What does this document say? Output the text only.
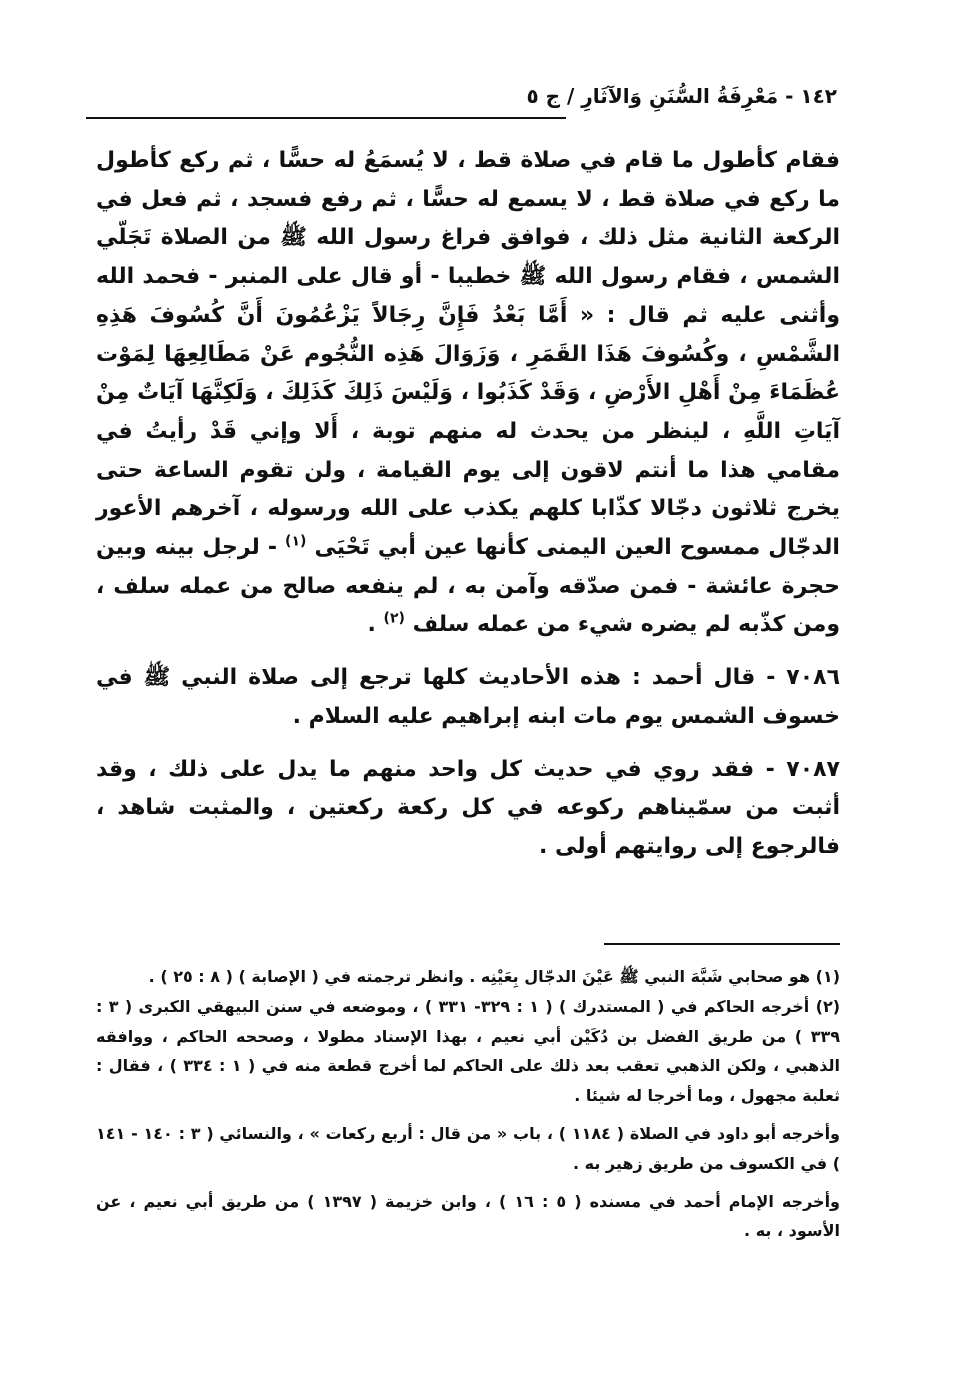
١٤٢ - مَعْرِفَةُ السُّنَنِ وَالآثَارِ / ج ٥

فقام كأطول ما قام في صلاة قط ، لا يُسمَعُ له حسًّا ، ثم ركع كأطول ما ركع في صلاة قط ، لا يسمع له حسًّا ، ثم رفع فسجد ، ثم فعل في الركعة الثانية مثل ذلك ، فوافق فراغ رسول الله ﷺ من الصلاة تَجَلّي الشمس ، فقام رسول الله ﷺ خطيبا - أو قال على المنبر - فحمد الله وأثنى عليه ثم قال : « أَمَّا بَعْدُ فَإِنَّ رِجَالاً يَزْعُمُونَ أَنَّ كُسُوفَ هَذِهِ الشَّمْسِ ، وكُسُوفَ هَذَا القَمَرِ ، وَزَوَالَ هَذِه النُّجُوم عَنْ مَطَالِعِهَا لِمَوْت عُظَمَاءَ مِنْ أَهْلِ الأَرْضِ ، وَقَدْ كَذَبُوا ، وَلَيْسَ ذَلِكَ كَذَلِكَ ، وَلَكِنَّهَا آيَاتٌ مِنْ آيَاتِ اللَّهِ ، لينظر من يحدث له منهم توبة ، أَلا وإني قَدْ رأيتُ في مقامي هذا ما أنتم لاقون إلى يوم القيامة ، ولن تقوم الساعة حتى يخرج ثلاثون دجّالا كذّابا كلهم يكذب على الله ورسوله ، آخرهم الأعور الدجّال ممسوح العين اليمنى كأنها عين أبي تَحْيَى $^{(١)}$ - لرجل بينه وبين حجرة عائشة - فمن صدّقه وآمن به ، لم ينفعه صالح من عمله سلف ، ومن كذّبه لم يضره شيء من عمله سلف $^{(٢)}$ .

٧٠٨٦ - قال أحمد : هذه الأحاديث كلها ترجع إلى صلاة النبي ﷺ في خسوف الشمس يوم مات ابنه إبراهيم عليه السلام .

٧٠٨٧ - فقد روي في حديث كل واحد منهم ما يدل على ذلك ، وقد أثبت من سمّيناهم ركوعه في كل ركعة ركعتين ، والمثبت شاهد ، فالرجوع إلى روايتهم أولى .

(١) هو صحابي شَبَّهَ النبي ﷺ عَيْنَ الدجّال بِعَيْنِه . وانظر ترجمته في ( الإصابة ) ( ٨ : ٢٥ ) .

(٢) أخرجه الحاكم في ( المستدرك ) ( ١ : ٣٢٩- ٣٣١ ) ، وموضعه في سنن البيهقي الكبرى ( ٣ : ٣٣٩ ) من طريق الفضل بن دُكَيْن أبي نعيم ، بهذا الإسناد مطولا ، وصححه الحاكم ، ووافقه الذهبي ، ولكن الذهبي تعقب بعد ذلك على الحاكم لما أخرج قطعة منه في ( ١ : ٣٣٤ ) ، فقال : ثعلبة مجهول ، وما أخرجا له شيئا .

وأخرجه أبو داود في الصلاة ( ١١٨٤ ) ، باب « من قال : أربع ركعات » ، والنسائي ( ٣ : ١٤٠ - ١٤١ ) في الكسوف من طريق زهير به .

وأخرجه الإمام أحمد في مسنده ( ٥ : ١٦ ) ، وابن خزيمة ( ١٣٩٧ ) من طريق أبي نعيم ، عن الأسود ، به .
